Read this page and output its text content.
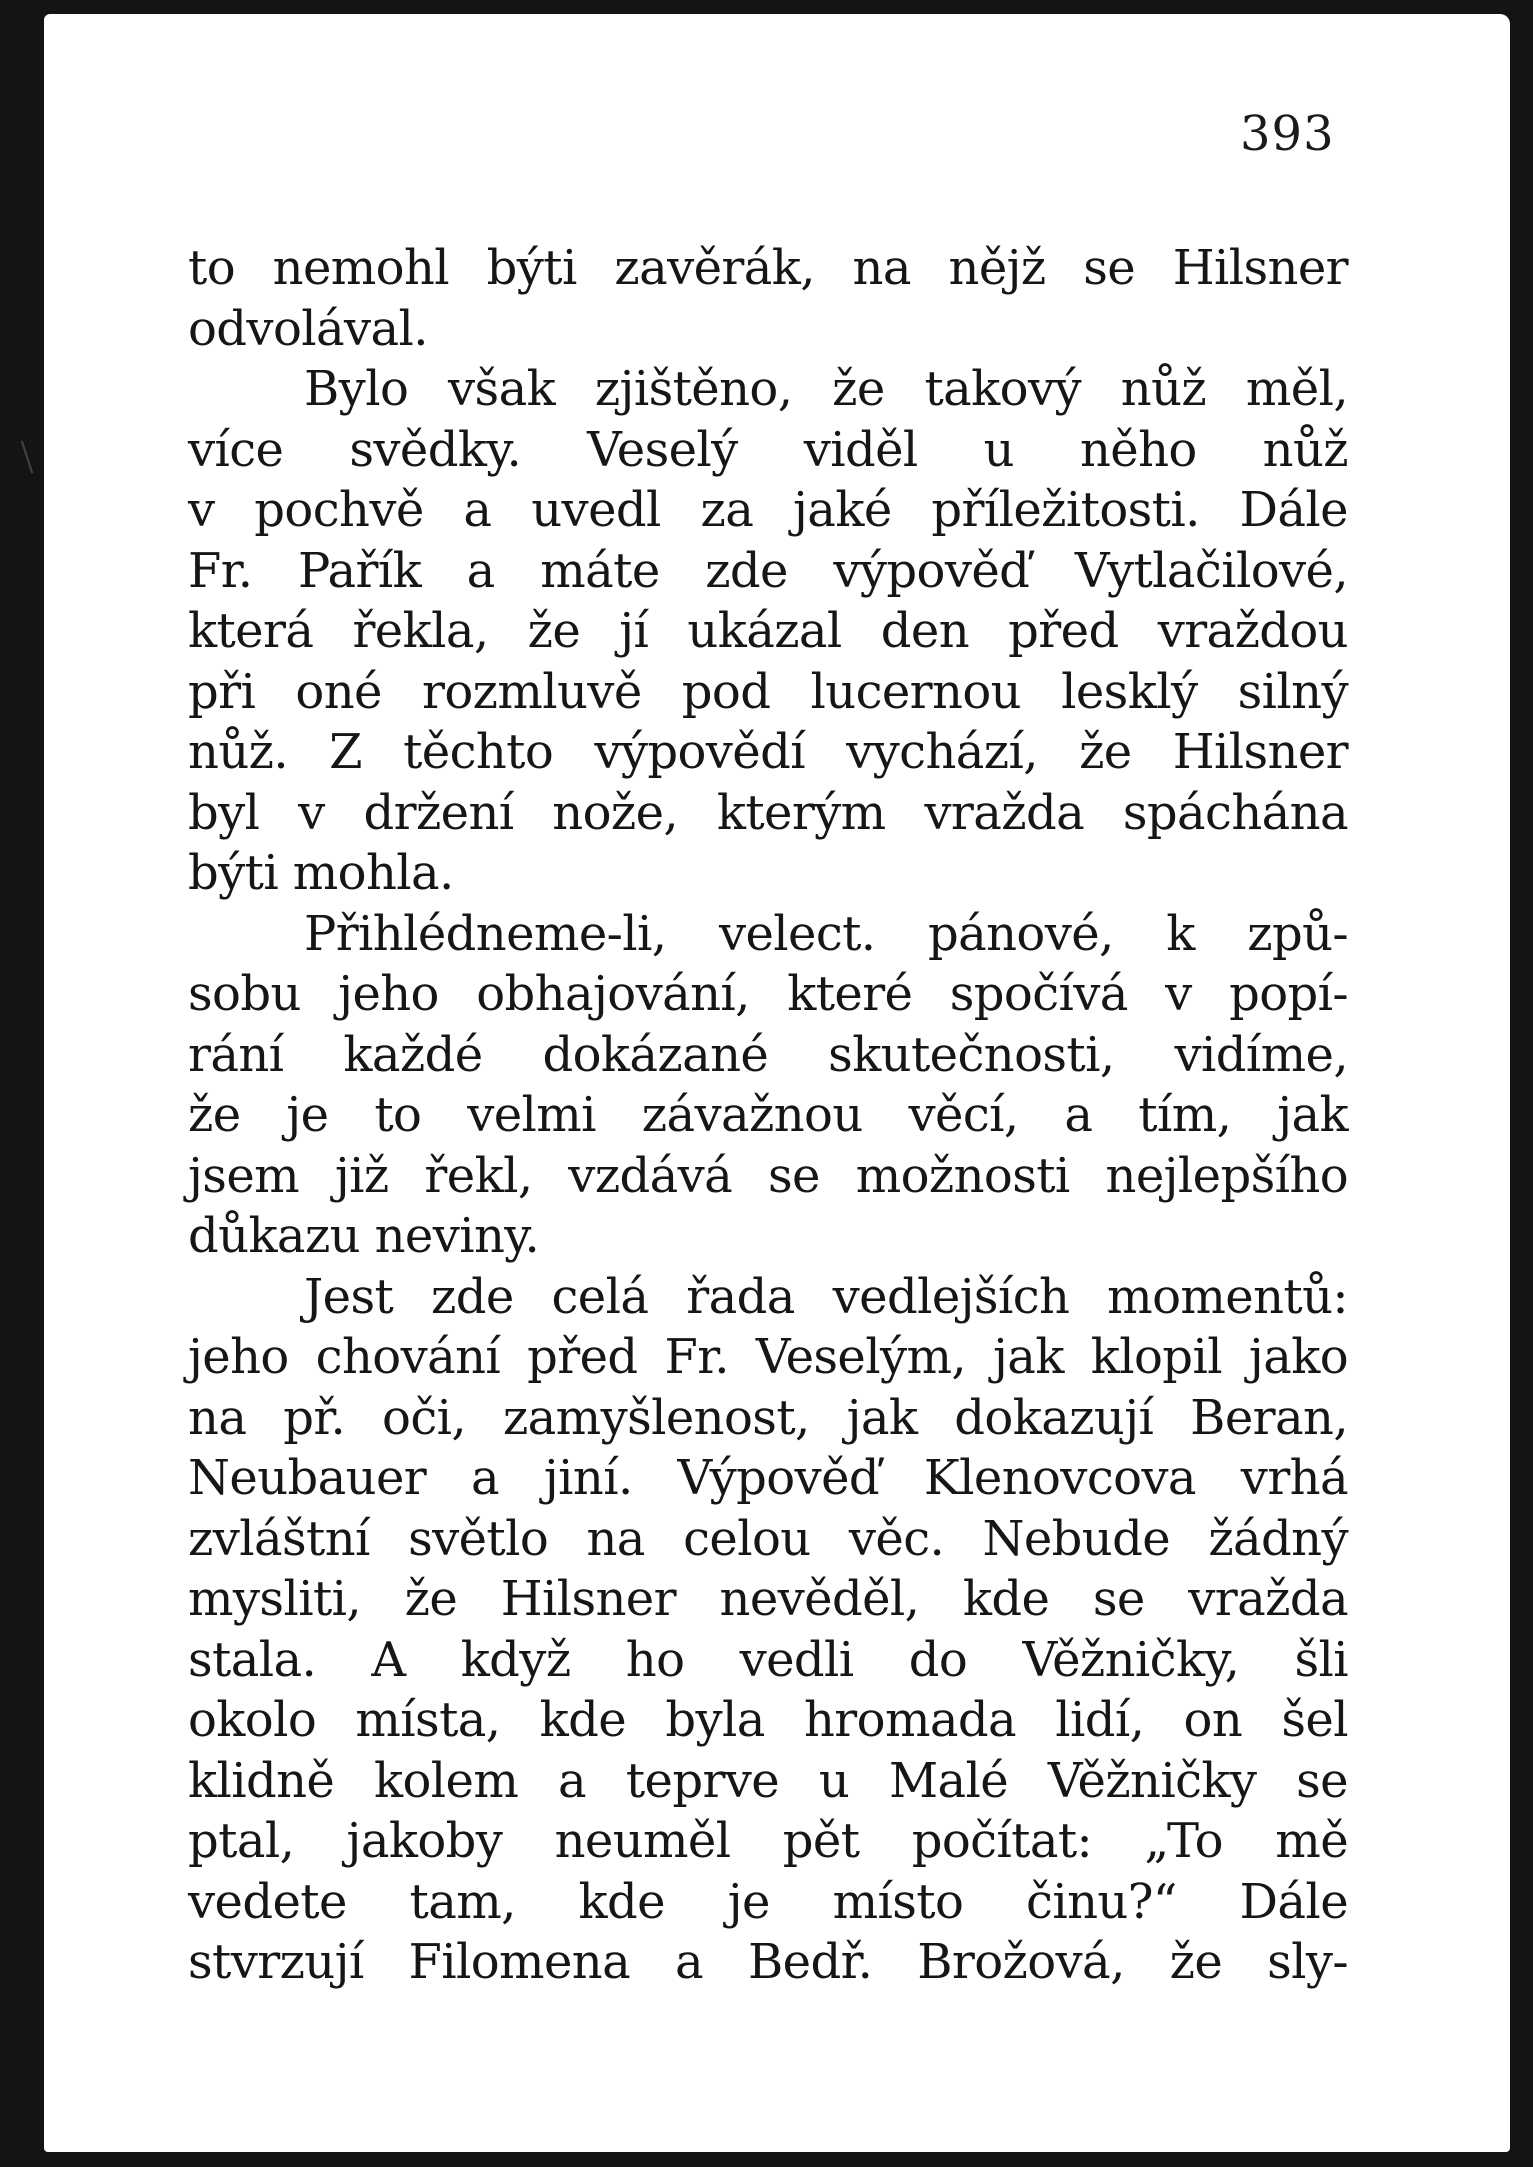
393
to nemohl býti zavěrák, na nějž se Hilsner
odvolával.
Bylo však zjištěno, že takový nůž měl,
více svědky. Veselý viděl u něho nůž
v pochvě a uvedl za jaké příležitosti. Dále
Fr. Pařík a máte zde výpověď Vytlačilové,
která řekla, že jí ukázal den před vraždou
při oné rozmluvě pod lucernou lesklý silný
nůž. Z těchto výpovědí vychází, že Hilsner
byl v držení nože, kterým vražda spáchána
býti mohla.
Přihlédneme-li, velect. pánové, k způ-
sobu jeho obhajování, které spočívá v popí-
rání každé dokázané skutečnosti, vidíme,
že je to velmi závažnou věcí, a tím, jak
jsem již řekl, vzdává se možnosti nejlepšího
důkazu neviny.
Jest zde celá řada vedlejších momentů:
jeho chování před Fr. Veselým, jak klopil jako
na př. oči, zamyšlenost, jak dokazují Beran,
Neubauer a jiní. Výpověď Klenovcova vrhá
zvláštní světlo na celou věc. Nebude žádný
mysliti, že Hilsner nevěděl, kde se vražda
stala. A když ho vedli do Věžničky, šli
okolo místa, kde byla hromada lidí, on šel
klidně kolem a teprve u Malé Věžničky se
ptal, jakoby neuměl pět počítat: „To mě
vedete tam, kde je místo činu?“ Dále
stvrzují Filomena a Bedř. Brožová, že sly-
